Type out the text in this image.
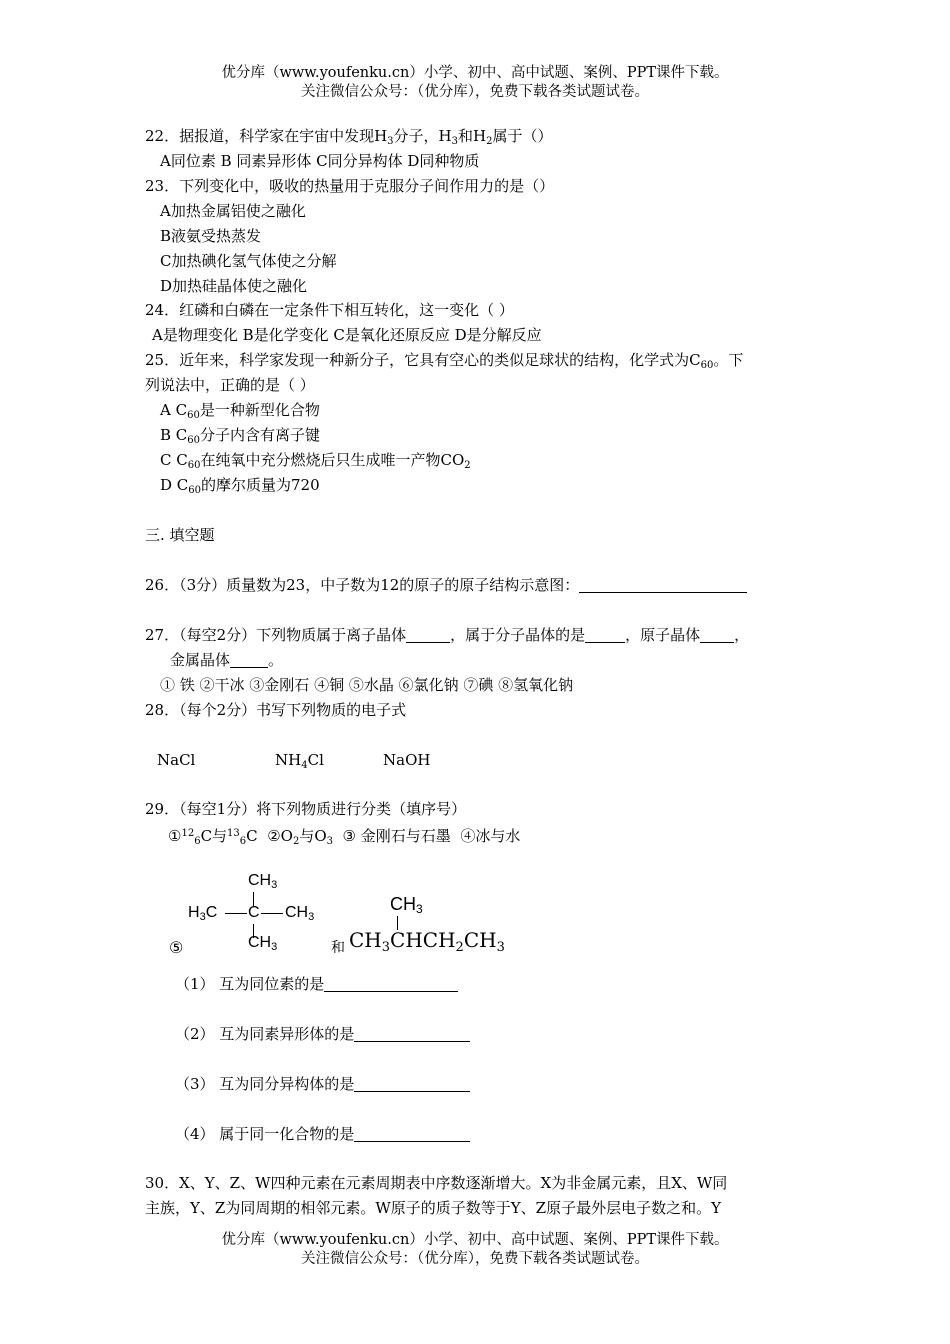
优分库（www.youfenku.cn）小学、初中、高中试题、案例、PPT课件下载。
关注微信公众号：（优分库），免费下载各类试题试卷。
22．据报道，科学家在宇宙中发现$H_3$分子，$H_3$和$H_2$属于（）
A同位素 B 同素异形体 C同分异构体 D同种物质
23．下列变化中，吸收的热量用于克服分子间作用力的是（）
A加热金属铝使之融化
B液氨受热蒸发
C加热碘化氢气体使之分解
D加热硅晶体使之融化
24．红磷和白磷在一定条件下相互转化，这一变化（ ）
A是物理变化 B是化学变化 C是氧化还原反应 D是分解反应
25．近年来，科学家发现一种新分子，它具有空心的类似足球状的结构，化学式为$C_{60}$。下
列说法中，正确的是（ ）
A $C_{60}$是一种新型化合物
B $C_{60}$分子内含有离子键
C $C_{60}$在纯氧中充分燃烧后只生成唯一产物$CO_2$
D $C_{60}$的摩尔质量为720
三. 填空题
26．（3分）质量数为23，中子数为12的原子的原子结构示意图：
27．（每空2分）下列物质属于离子晶体	，属于分子晶体的是	，原子晶体 ，
金属晶体	。
① 铁 ②干冰 ③金刚石 ④铜 ⑤水晶 ⑥氯化钠 ⑦碘 ⑧氢氧化钠
28．（每个2分）书写下列物质的电子式
NaCl	$NH_4Cl$	NaOH
29．（每空1分）将下列物质进行分类（填序号）
①$^{12}_6$C与$^{13}_6$C $②O_2$与$O_3$ ③ 金刚石与石墨 ④冰与水
⑤
$CH_3$
$H_3C$ C $CH_3$
$CH_3$	和
$CH_3$
$CH_3CHCH_2CH_3$
（1） 互为同位素的是
（2） 互为同素异形体的是
（3） 互为同分异构体的是
（4） 属于同一化合物的是
30．X、Y、Z、W四种元素在元素周期表中序数逐渐增大。X为非金属元素，且X、W同
主族，Y、Z为同周期的相邻元素。W原子的质子数等于Y、Z原子最外层电子数之和。Y
优分库（www.youfenku.cn）小学、初中、高中试题、案例、PPT课件下载。
关注微信公众号：（优分库），免费下载各类试题试卷。
